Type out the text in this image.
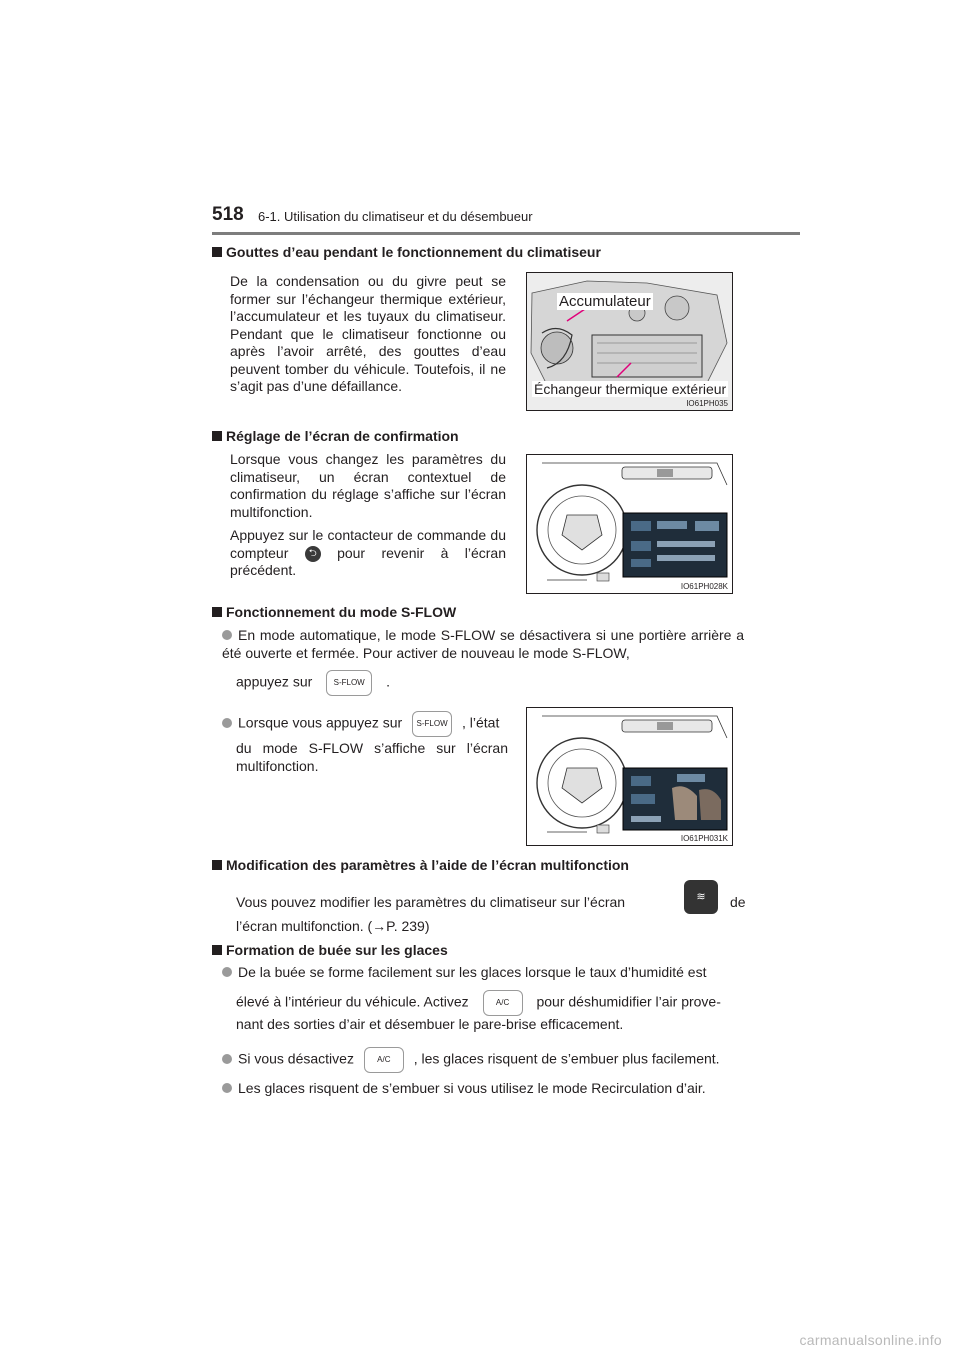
518 6-1. Utilisation du climatiseur et du désembueur
Gouttes d’eau pendant le fonctionnement du climatiseur
De la condensation ou du givre peut se former sur l’échangeur thermique extérieur, l’accumulateur et les tuyaux du climatiseur. Pendant que le climatiseur fonctionne ou après l’avoir arrêté, des gouttes d’eau peuvent tomber du véhicule. Toutefois, il ne s’agit pas d’une défaillance.
Accumulateur
Échangeur thermique extérieur
IO61PH035
Réglage de l’écran de confirmation
Lorsque vous changez les paramètres du climatiseur, un écran contextuel de confirmation du réglage s’affiche sur l’écran multifonction.
Appuyez sur le contacteur de commande du compteur ⮌ pour revenir à l’écran précédent.
IO61PH028K
Fonctionnement du mode S-FLOW
En mode automatique, le mode S-FLOW se désactivera si une portière arrière a été ouverte et fermée. Pour activer de nouveau le mode S-FLOW,
appuyez sur	S-FLOW .
Lorsque vous appuyez sur S-FLOW , l’état
du mode S-FLOW s’affiche sur l’écran multifonction.
IO61PH031K
Modification des paramètres à l’aide de l’écran multifonction
Vous pouvez modifier les paramètres du climatiseur sur l’écran	≋	de
l’écran multifonction. (→P. 239)
Formation de buée sur les glaces
De la buée se forme facilement sur les glaces lorsque le taux d’humidité est
élevé à l’intérieur du véhicule. Activez	A/C pour déshumidifier l’air prove-
nant des sorties d’air et désembuer le pare-brise efficacement.
Si vous désactivez	A/C , les glaces risquent de s’embuer plus facilement.
Les glaces risquent de s’embuer si vous utilisez le mode Recirculation d’air.
carmanualsonline.info
